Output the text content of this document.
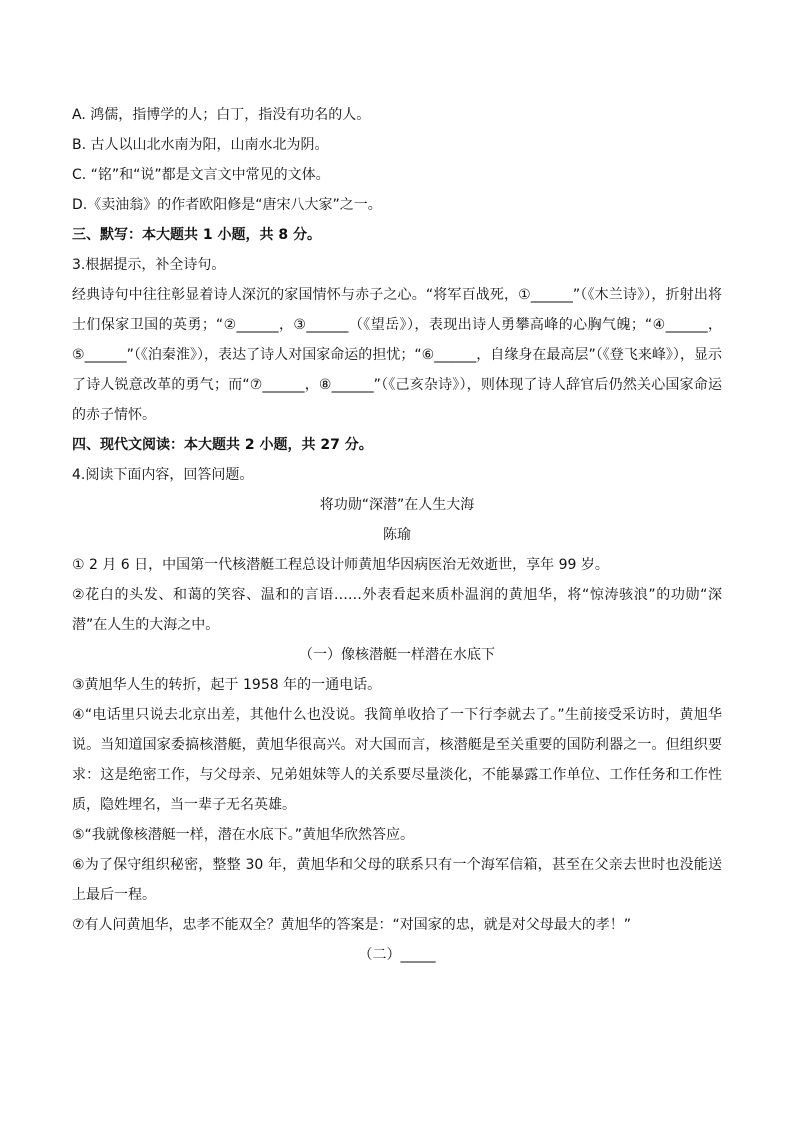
A. 鸿儒，指博学的人；白丁，指没有功名的人。

B. 古人以山北水南为阳，山南水北为阴。

C. “铭”和“说”都是文言文中常见的文体。

D.《卖油翁》的作者欧阳修是“唐宋八大家”之一。

三、默写：本大题共 1 小题，共 8 分。

3.根据提示，补全诗句。

经典诗句中往往彰显着诗人深沉的家国情怀与赤子之心。“将军百战死，①______”（《木兰诗》），折射出将士们保家卫国的英勇；“②______，③______（《望岳》），表现出诗人勇攀高峰的心胸气魄；“④______，⑤______”（《泊秦淮》），表达了诗人对国家命运的担忧；“⑥______，自缘身在最高层”（《登飞来峰》），显示了诗人锐意改革的勇气；而“⑦______，⑧______”（《己亥杂诗》），则体现了诗人辞官后仍然关心国家命运的赤子情怀。

四、现代文阅读：本大题共 2 小题，共 27 分。

4.阅读下面内容，回答问题。

将功勋“深潜”在人生大海

陈瑜

① 2 月 6 日，中国第一代核潜艇工程总设计师黄旭华因病医治无效逝世，享年 99 岁。

②花白的头发、和蔼的笑容、温和的言语……外表看起来质朴温润的黄旭华，将“惊涛骇浪”的功勋“深潜”在人生的大海之中。

（一）像核潜艇一样潜在水底下

③黄旭华人生的转折，起于 1958 年的一通电话。

④“电话里只说去北京出差，其他什么也没说。我简单收拾了一下行李就去了。”生前接受采访时，黄旭华说。当知道国家委搞核潜艇，黄旭华很高兴。对大国而言，核潜艇是至关重要的国防利器之一。但组织要求：这是绝密工作，与父母亲、兄弟姐妹等人的关系要尽量淡化，不能暴露工作单位、工作任务和工作性质，隐姓埋名，当一辈子无名英雄。

⑤“我就像核潜艇一样，潜在水底下。”黄旭华欣然答应。

⑥为了保守组织秘密，整整 30 年，黄旭华和父母的联系只有一个海军信箱，甚至在父亲去世时也没能送上最后一程。

⑦有人问黄旭华，忠孝不能双全？黄旭华的答案是：“对国家的忠，就是对父母最大的孝！”

（二）_____
